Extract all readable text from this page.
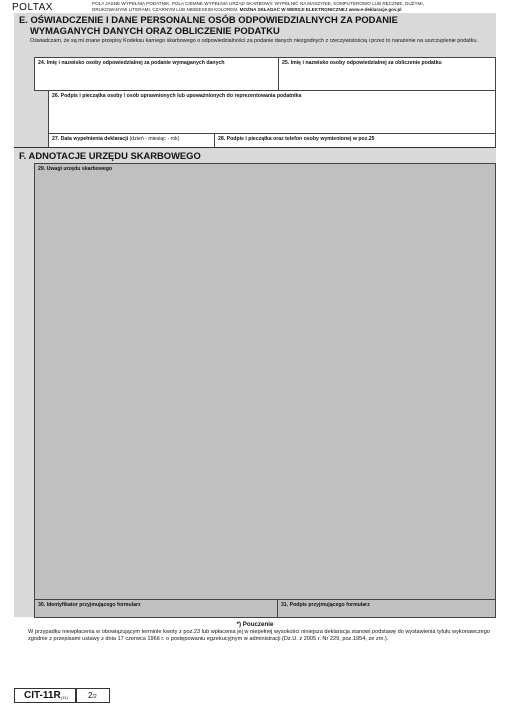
POLTAX	POLA JASNE WYPEŁNIA PODATNIK, POLA CIEMNE WYPEŁNIA URZĄD SKARBOWY. WYPEŁNIĆ NA MASZYNIE, KOMPUTEROWO LUB RĘCZNIE, DUŻYMI,
DRUKOWANYMI LITERAMI, CZARNYM LUB NIEBIESKIM KOLOREM. MOŻNA SKŁADAĆ W WERSJI ELEKTRONICZNEJ www.e-deklaracje.gov.pl
E. OŚWIADCZENIE I DANE PERSONALNE OSÓB ODPOWIEDZIALNYCH ZA PODANIE
WYMAGANYCH DANYCH ORAZ OBLICZENIE PODATKU
Oświadczam, że są mi znane przepisy Kodeksu karnego skarbowego o odpowiedzialności za podanie danych niezgodnych z rzeczywistością i przez to narażenie na uszczuplenie podatku.
24. Imię i nazwisko osoby odpowiedzialnej za podanie wymaganych danych	25. Imię i nazwisko osoby odpowiedzialnej za obliczenie podatku
26. Podpis i pieczątka osoby / osób uprawnionych lub upoważnionych do reprezentowania podatnika
27. Data wypełnienia deklaracji (dzień - miesiąc - rok)	28. Podpis i pieczątka oraz telefon osoby wymienionej w poz.25
F. ADNOTACJE URZĘDU SKARBOWEGO
29. Uwagi urzędu skarbowego
30. Identyfikator przyjmującego formularz	31. Podpis przyjmującego formularz
*) Pouczenie
W przypadku niewpłacenia w obowiązującym terminie kwoty z poz.23 lub wpłacenia jej w niepełnej wysokości niniejsza deklaracja stanowi podstawę do wystawienia tytułu wykonawczego zgodnie z przepisami ustawy z dnia 17 czerwca 1966 r. o postępowaniu egzekucyjnym w administracji (Dz.U. z 2005 r. Nr 229, poz.1954, ze zm.).
CIT-11R (11)	2/2
